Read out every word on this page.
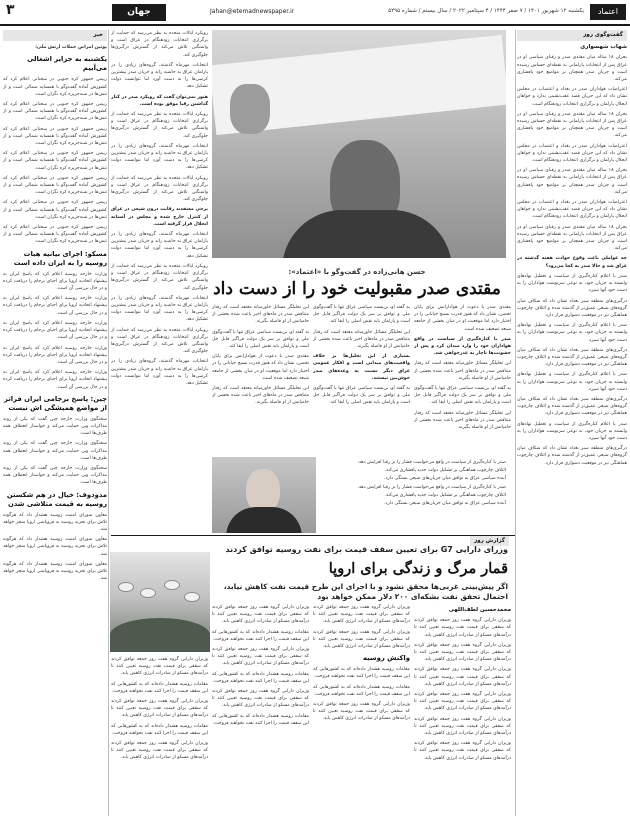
اعتماد
یکشنبه ۱۲ شهریور ۱۴۰۱ / ۷ صفر ۱۴۴۴ / ۴ سپتامبر ۲۰۲۲ / سال بیستم / شماره ۵۲۹۵
Jahan@etemadnewspaper.ir
جهان
۳
گفت‌وگوی روز
شهاب شهسواری
بحران ۱۸ ساله میان مقتدی صدر و رقبای سیاسی او در عراق پس از انتخابات پارلمانی به نقطه‌ای حساس رسیده است و جریان صدر همچنان بر مواضع خود پافشاری می‌کند.
اعتراضات هواداران صدر در بغداد و اعتصاب در مجلس نشان داد که این جریان قصد عقب‌نشینی ندارد و خواهان انحلال پارلمان و برگزاری انتخابات زودهنگام است.
بحران ۱۸ ساله میان مقتدی صدر و رقبای سیاسی او در عراق پس از انتخابات پارلمانی به نقطه‌ای حساس رسیده است و جریان صدر همچنان بر مواضع خود پافشاری می‌کند.
اعتراضات هواداران صدر در بغداد و اعتصاب در مجلس نشان داد که این جریان قصد عقب‌نشینی ندارد و خواهان انحلال پارلمان و برگزاری انتخابات زودهنگام است.
بحران ۱۸ ساله میان مقتدی صدر و رقبای سیاسی او در عراق پس از انتخابات پارلمانی به نقطه‌ای حساس رسیده است و جریان صدر همچنان بر مواضع خود پافشاری می‌کند.
اعتراضات هواداران صدر در بغداد و اعتصاب در مجلس نشان داد که این جریان قصد عقب‌نشینی ندارد و خواهان انحلال پارلمان و برگزاری انتخابات زودهنگام است.
بحران ۱۸ ساله میان مقتدی صدر و رقبای سیاسی او در عراق پس از انتخابات پارلمانی به نقطه‌ای حساس رسیده است و جریان صدر همچنان بر مواضع خود پافشاری می‌کند.
چه عواملی باعث وقوع حوادث هفته گذشته در عراق شد و حالا صدر به کجا می‌رود؟
صدر با اعلام کناره‌گیری از سیاست و تعطیل نهادهای وابسته به جریان خود، به نوعی سرنوشت هواداران را به دست خود آنها سپرد.
درگیری‌های منطقه سبز بغداد نشان داد که شکاف میان گروه‌های شیعی عمیق‌تر از گذشته شده و ائتلاف چارچوب هماهنگی نیز در موقعیت دشواری قرار دارد.
صدر با اعلام کناره‌گیری از سیاست و تعطیل نهادهای وابسته به جریان خود، به نوعی سرنوشت هواداران را به دست خود آنها سپرد.
درگیری‌های منطقه سبز بغداد نشان داد که شکاف میان گروه‌های شیعی عمیق‌تر از گذشته شده و ائتلاف چارچوب هماهنگی نیز در موقعیت دشواری قرار دارد.
صدر با اعلام کناره‌گیری از سیاست و تعطیل نهادهای وابسته به جریان خود، به نوعی سرنوشت هواداران را به دست خود آنها سپرد.
درگیری‌های منطقه سبز بغداد نشان داد که شکاف میان گروه‌های شیعی عمیق‌تر از گذشته شده و ائتلاف چارچوب هماهنگی نیز در موقعیت دشواری قرار دارد.
صدر با اعلام کناره‌گیری از سیاست و تعطیل نهادهای وابسته به جریان خود، به نوعی سرنوشت هواداران را به دست خود آنها سپرد.
درگیری‌های منطقه سبز بغداد نشان داد که شکاف میان گروه‌های شیعی عمیق‌تر از گذشته شده و ائتلاف چارچوب هماهنگی نیز در موقعیت دشواری قرار دارد.
رویکرد ایالات متحده به نظر می‌رسد که حمایت از برگزاری انتخابات زودهنگام در عراق است و واشنگتن تلاش می‌کند از گسترش درگیری‌ها جلوگیری کند.
انتخابات مهرماه گذشته، گروه‌های زیادی را در پارلمان عراق به حاشیه راند و جریان صدر بیشترین کرسی‌ها را به دست آورد اما نتوانست دولت تشکیل دهد.
هنوز نمی‌توان گفت که رویکرد صدر در کنار گذاشتن رقبا موفق بوده است.
رویکرد ایالات متحده به نظر می‌رسد که حمایت از برگزاری انتخابات زودهنگام در عراق است و واشنگتن تلاش می‌کند از گسترش درگیری‌ها جلوگیری کند.
انتخابات مهرماه گذشته، گروه‌های زیادی را در پارلمان عراق به حاشیه راند و جریان صدر بیشترین کرسی‌ها را به دست آورد اما نتوانست دولت تشکیل دهد.
رویکرد ایالات متحده به نظر می‌رسد که حمایت از برگزاری انتخابات زودهنگام در عراق است و واشنگتن تلاش می‌کند از گسترش درگیری‌ها جلوگیری کند.
برخی معتقدند رقابت درون شیعی در عراق از کنترل خارج شده و مجلس در آستانه انحلال قرار گرفته است.
انتخابات مهرماه گذشته، گروه‌های زیادی را در پارلمان عراق به حاشیه راند و جریان صدر بیشترین کرسی‌ها را به دست آورد اما نتوانست دولت تشکیل دهد.
رویکرد ایالات متحده به نظر می‌رسد که حمایت از برگزاری انتخابات زودهنگام در عراق است و واشنگتن تلاش می‌کند از گسترش درگیری‌ها جلوگیری کند.
انتخابات مهرماه گذشته، گروه‌های زیادی را در پارلمان عراق به حاشیه راند و جریان صدر بیشترین کرسی‌ها را به دست آورد اما نتوانست دولت تشکیل دهد.
رویکرد ایالات متحده به نظر می‌رسد که حمایت از برگزاری انتخابات زودهنگام در عراق است و واشنگتن تلاش می‌کند از گسترش درگیری‌ها جلوگیری کند.
انتخابات مهرماه گذشته، گروه‌های زیادی را در پارلمان عراق به حاشیه راند و جریان صدر بیشترین کرسی‌ها را به دست آورد اما نتوانست دولت تشکیل دهد.
حسن هانی‌زاده در گفت‌وگو با «اعتماد»:
مقتدی صدر مقبولیت خود را از دست داد
مقتدی صدر با دعوت از هوادارانش برای پایان تحصن، نشان داد که هنوز قدرت بسیج خیابانی را در اختیار دارد اما موقعیت او در میان بخشی از جامعه شیعه تضعیف شده است.
صدر با کناره‌گیری از سیاست در واقع هواداران خود را وارد میدان کرد و پس از خشونت‌ها ناچار به عذرخواهی شد.
این تحلیلگر مسائل خاورمیانه معتقد است که رفتار متناقض صدر در ماه‌های اخیر باعث شده بخشی از حامیانش از او فاصله بگیرند.
به گفته او، بن‌بست سیاسی عراق تنها با گفت‌وگوی ملی و توافق بر سر یک دولت فراگیر قابل حل است و پارلمان باید نقش اصلی را ایفا کند.
این تحلیلگر مسائل خاورمیانه معتقد است که رفتار متناقض صدر در ماه‌های اخیر باعث شده بخشی از حامیانش از او فاصله بگیرند.
به گفته او، بن‌بست سیاسی عراق تنها با گفت‌وگوی ملی و توافق بر سر یک دولت فراگیر قابل حل است و پارلمان باید نقش اصلی را ایفا کند.
این تحلیلگر مسائل خاورمیانه معتقد است که رفتار متناقض صدر در ماه‌های اخیر باعث شده بخشی از حامیانش از او فاصله بگیرند.
بسیاری از این تحلیل‌ها بر خلاف واقعیت‌های میدانی است و افکار عمومی عراق دیگر نسبت به وعده‌های صدر خوش‌بین نیستند.
به گفته او، بن‌بست سیاسی عراق تنها با گفت‌وگوی ملی و توافق بر سر یک دولت فراگیر قابل حل است و پارلمان باید نقش اصلی را ایفا کند.
این تحلیلگر مسائل خاورمیانه معتقد است که رفتار متناقض صدر در ماه‌های اخیر باعث شده بخشی از حامیانش از او فاصله بگیرند.
به گفته او، بن‌بست سیاسی عراق تنها با گفت‌وگوی ملی و توافق بر سر یک دولت فراگیر قابل حل است و پارلمان باید نقش اصلی را ایفا کند.
مقتدی صدر با دعوت از هوادارانش برای پایان تحصن، نشان داد که هنوز قدرت بسیج خیابانی را در اختیار دارد اما موقعیت او در میان بخشی از جامعه شیعه تضعیف شده است.
این تحلیلگر مسائل خاورمیانه معتقد است که رفتار متناقض صدر در ماه‌های اخیر باعث شده بخشی از حامیانش از او فاصله بگیرند.
صدر با کناره‌گیری از سیاست در واقع می‌خواست فشار را بر رقبا افزایش دهد.
ائتلاف چارچوب هماهنگی بر تشکیل دولت جدید پافشاری می‌کند.
آینده سیاسی عراق به توافق میان جریان‌های شیعی بستگی دارد.
صدر با کناره‌گیری از سیاست در واقع می‌خواست فشار را بر رقبا افزایش دهد.
ائتلاف چارچوب هماهنگی بر تشکیل دولت جدید پافشاری می‌کند.
آینده سیاسی عراق به توافق میان جریان‌های شیعی بستگی دارد.
گزارش روز
وزرای دارایی G7 برای تعیین سقف قیمت برای نفت روسیه توافق کردند
قمار مرگ و زندگی برای اروپا
اگر پیش‌بینی غربی‌ها محقق نشود و با اجرای این طرح قیمت نفت کاهش نیابد، احتمال تحقق نفت بشکه‌ای ۲۰۰ دلار ممکن خواهد بود
محمدحسین لطف‌اللهی
وزیران دارایی گروه هفت روز جمعه توافق کردند که سقفی برای قیمت نفت روسیه تعیین کنند تا درآمدهای مسکو از صادرات انرژی کاهش یابد.
وزیران دارایی گروه هفت روز جمعه توافق کردند که سقفی برای قیمت نفت روسیه تعیین کنند تا درآمدهای مسکو از صادرات انرژی کاهش یابد.
وزیران دارایی گروه هفت روز جمعه توافق کردند که سقفی برای قیمت نفت روسیه تعیین کنند تا درآمدهای مسکو از صادرات انرژی کاهش یابد.
وزیران دارایی گروه هفت روز جمعه توافق کردند که سقفی برای قیمت نفت روسیه تعیین کنند تا درآمدهای مسکو از صادرات انرژی کاهش یابد.
وزیران دارایی گروه هفت روز جمعه توافق کردند که سقفی برای قیمت نفت روسیه تعیین کنند تا درآمدهای مسکو از صادرات انرژی کاهش یابد.
وزیران دارایی گروه هفت روز جمعه توافق کردند که سقفی برای قیمت نفت روسیه تعیین کنند تا درآمدهای مسکو از صادرات انرژی کاهش یابد.
وزیران دارایی گروه هفت روز جمعه توافق کردند که سقفی برای قیمت نفت روسیه تعیین کنند تا درآمدهای مسکو از صادرات انرژی کاهش یابد.
وزیران دارایی گروه هفت روز جمعه توافق کردند که سقفی برای قیمت نفت روسیه تعیین کنند تا درآمدهای مسکو از صادرات انرژی کاهش یابد.
واکنش روسیه
مقامات روسیه هشدار داده‌اند که به کشورهایی که این سقف قیمت را اجرا کنند نفت نخواهند فروخت.
مقامات روسیه هشدار داده‌اند که به کشورهایی که این سقف قیمت را اجرا کنند نفت نخواهند فروخت.
وزیران دارایی گروه هفت روز جمعه توافق کردند که سقفی برای قیمت نفت روسیه تعیین کنند تا درآمدهای مسکو از صادرات انرژی کاهش یابد.
وزیران دارایی گروه هفت روز جمعه توافق کردند که سقفی برای قیمت نفت روسیه تعیین کنند تا درآمدهای مسکو از صادرات انرژی کاهش یابد.
مقامات روسیه هشدار داده‌اند که به کشورهایی که این سقف قیمت را اجرا کنند نفت نخواهند فروخت.
وزیران دارایی گروه هفت روز جمعه توافق کردند که سقفی برای قیمت نفت روسیه تعیین کنند تا درآمدهای مسکو از صادرات انرژی کاهش یابد.
مقامات روسیه هشدار داده‌اند که به کشورهایی که این سقف قیمت را اجرا کنند نفت نخواهند فروخت.
وزیران دارایی گروه هفت روز جمعه توافق کردند که سقفی برای قیمت نفت روسیه تعیین کنند تا درآمدهای مسکو از صادرات انرژی کاهش یابد.
مقامات روسیه هشدار داده‌اند که به کشورهایی که این سقف قیمت را اجرا کنند نفت نخواهند فروخت.
وزیران دارایی گروه هفت روز جمعه توافق کردند که سقفی برای قیمت نفت روسیه تعیین کنند تا درآمدهای مسکو از صادرات انرژی کاهش یابد.
مقامات روسیه هشدار داده‌اند که به کشورهایی که این سقف قیمت را اجرا کنند نفت نخواهند فروخت.
وزیران دارایی گروه هفت روز جمعه توافق کردند که سقفی برای قیمت نفت روسیه تعیین کنند تا درآمدهای مسکو از صادرات انرژی کاهش یابد.
مقامات روسیه هشدار داده‌اند که به کشورهایی که این سقف قیمت را اجرا کنند نفت نخواهند فروخت.
وزیران دارایی گروه هفت روز جمعه توافق کردند که سقفی برای قیمت نفت روسیه تعیین کنند تا درآمدهای مسکو از صادرات انرژی کاهش یابد.
خبر
پوتین امراض حملات ارتش ملی:
یکشنبه به جزایر اشغالی می‌آییم
رییس جمهور کره جنوبی در سخنانی اعلام کرد که کشورش آماده گفت‌وگو با همسایه شمالی است و از تنش‌ها در شبه‌جزیره کره نگران است.
رییس جمهور کره جنوبی در سخنانی اعلام کرد که کشورش آماده گفت‌وگو با همسایه شمالی است و از تنش‌ها در شبه‌جزیره کره نگران است.
رییس جمهور کره جنوبی در سخنانی اعلام کرد که کشورش آماده گفت‌وگو با همسایه شمالی است و از تنش‌ها در شبه‌جزیره کره نگران است.
رییس جمهور کره جنوبی در سخنانی اعلام کرد که کشورش آماده گفت‌وگو با همسایه شمالی است و از تنش‌ها در شبه‌جزیره کره نگران است.
رییس جمهور کره جنوبی در سخنانی اعلام کرد که کشورش آماده گفت‌وگو با همسایه شمالی است و از تنش‌ها در شبه‌جزیره کره نگران است.
رییس جمهور کره جنوبی در سخنانی اعلام کرد که کشورش آماده گفت‌وگو با همسایه شمالی است و از تنش‌ها در شبه‌جزیره کره نگران است.
رییس جمهور کره جنوبی در سخنانی اعلام کرد که کشورش آماده گفت‌وگو با همسایه شمالی است و از تنش‌ها در شبه‌جزیره کره نگران است.
مسکو: اجرای بیانیه هیات روسیه را به ایران داده است
وزارت خارجه روسیه اعلام کرد که پاسخ ایران به پیشنهاد اتحادیه اروپا برای احیای برجام را دریافت کرده و در حال بررسی آن است.
وزارت خارجه روسیه اعلام کرد که پاسخ ایران به پیشنهاد اتحادیه اروپا برای احیای برجام را دریافت کرده و در حال بررسی آن است.
وزارت خارجه روسیه اعلام کرد که پاسخ ایران به پیشنهاد اتحادیه اروپا برای احیای برجام را دریافت کرده و در حال بررسی آن است.
وزارت خارجه روسیه اعلام کرد که پاسخ ایران به پیشنهاد اتحادیه اروپا برای احیای برجام را دریافت کرده و در حال بررسی آن است.
وزارت خارجه روسیه اعلام کرد که پاسخ ایران به پیشنهاد اتحادیه اروپا برای احیای برجام را دریافت کرده و در حال بررسی آن است.
چین: پاسخ برجامی ایران فراتر از مواضع همیشگی اش نیست
سخنگوی وزارت خارجه چین گفت که پکن از روند مذاکرات وین حمایت می‌کند و خواستار انعطاف همه طرف‌ها است.
سخنگوی وزارت خارجه چین گفت که پکن از روند مذاکرات وین حمایت می‌کند و خواستار انعطاف همه طرف‌ها است.
سخنگوی وزارت خارجه چین گفت که پکن از روند مذاکرات وین حمایت می‌کند و خواستار انعطاف همه طرف‌ها است.
مدودوف: خیال در هم شکستن روسیه به قیمت متلاشی شدن
معاون شورای امنیت روسیه هشدار داد که هرگونه تلاش برای تجزیه روسیه به فروپاشی اروپا منجر خواهد شد.
معاون شورای امنیت روسیه هشدار داد که هرگونه تلاش برای تجزیه روسیه به فروپاشی اروپا منجر خواهد شد.
معاون شورای امنیت روسیه هشدار داد که هرگونه تلاش برای تجزیه روسیه به فروپاشی اروپا منجر خواهد شد.
